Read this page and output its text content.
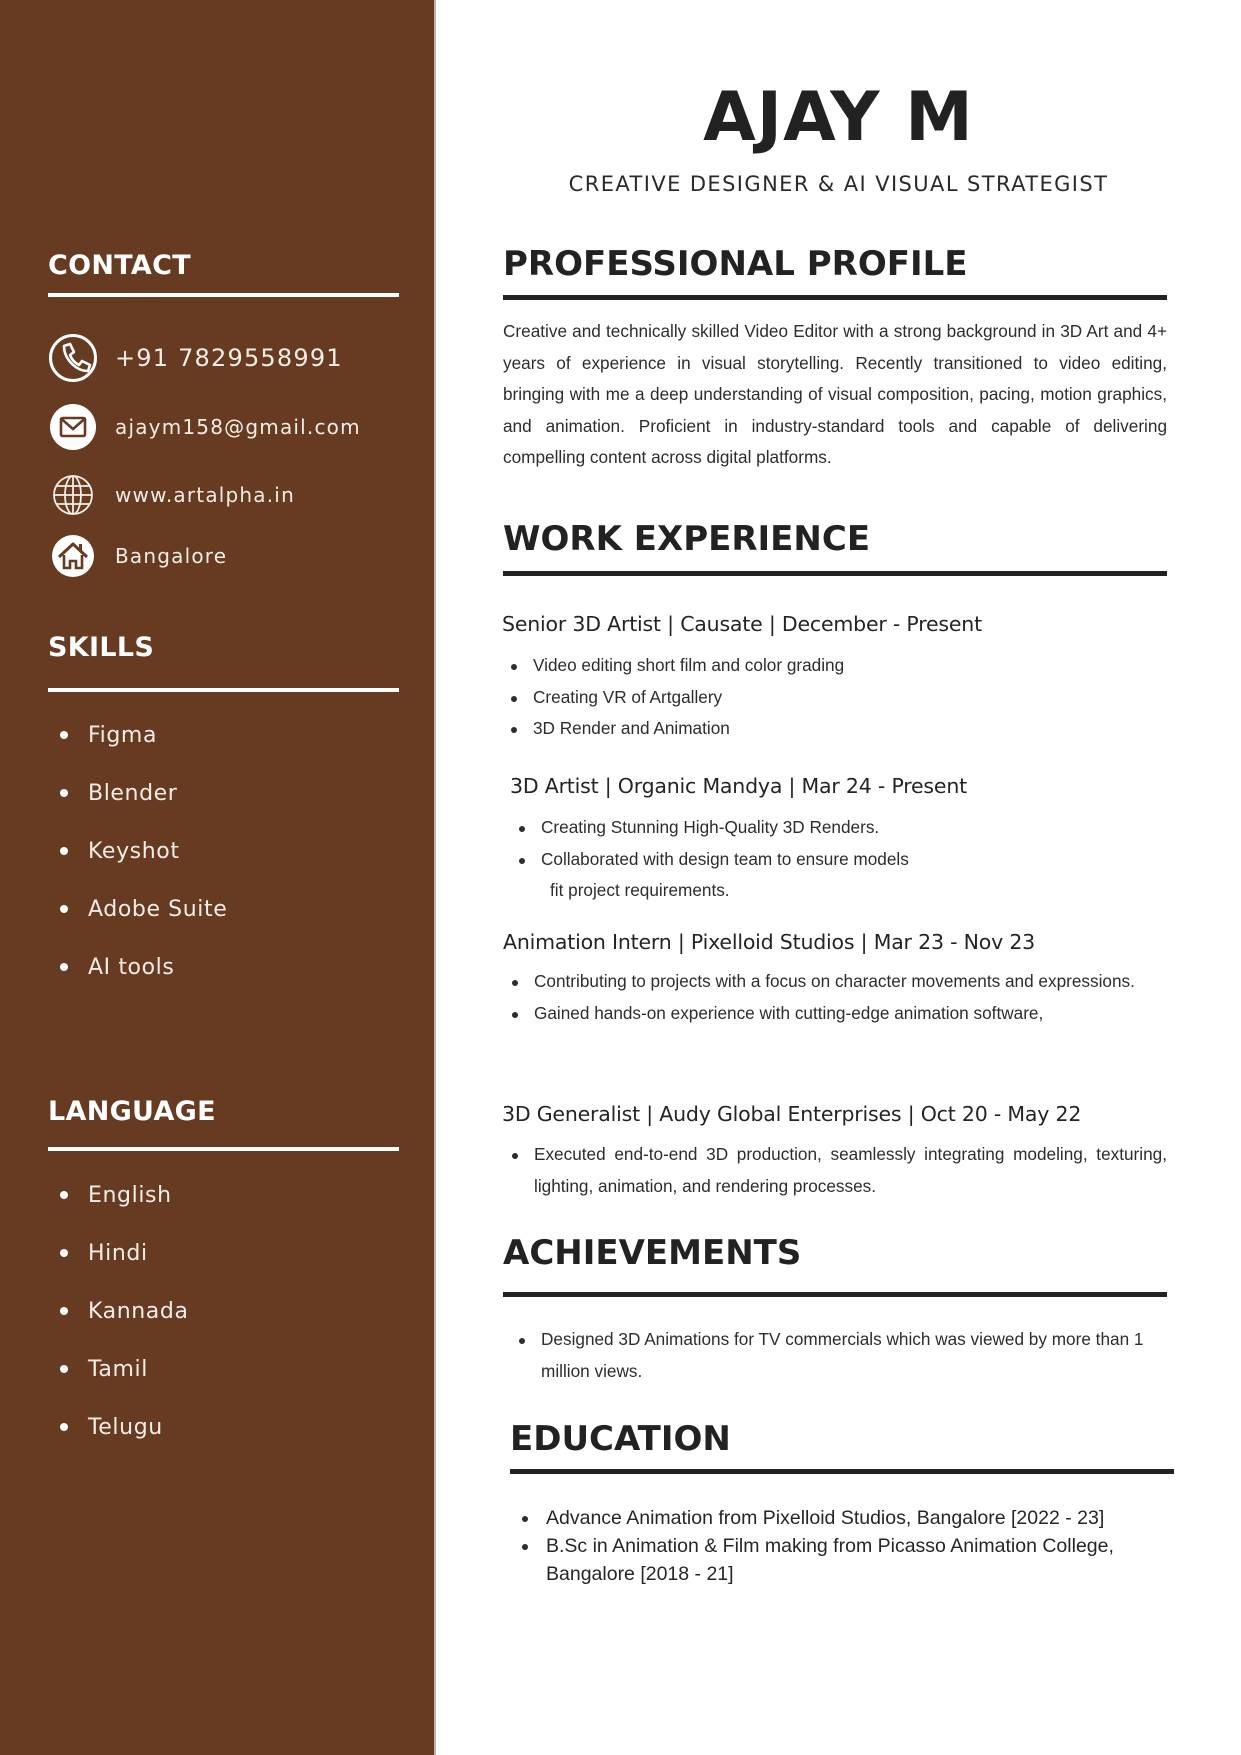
CONTACT
+91 7829558991
ajaym158@gmail.com
www.artalpha.in
Bangalore
SKILLS
Figma
Blender
Keyshot
Adobe Suite
AI tools
LANGUAGE
English
Hindi
Kannada
Tamil
Telugu
AJAY M
CREATIVE DESIGNER & AI VISUAL STRATEGIST
PROFESSIONAL PROFILE

Creative and technically skilled Video Editor with a strong background in 3D Art and 4+ years of experience in visual storytelling. Recently transitioned to video editing, bringing with me a deep understanding of visual composition, pacing, motion graphics, and animation. Proficient in industry-standard tools and capable of delivering compelling content across digital platforms.

WORK EXPERIENCE
Senior 3D Artist | Causate | December - Present
Video editing short film and color grading
Creating VR of Artgallery
3D Render and Animation
3D Artist | Organic Mandya | Mar 24 - Present
Creating Stunning High-Quality 3D Renders.
Collaborated with design team to ensure models
fit project requirements.
Animation Intern | Pixelloid Studios | Mar 23 - Nov 23
Contributing to projects with a focus on character movements and expressions.
Gained hands-on experience with cutting-edge animation software,
3D Generalist | Audy Global Enterprises | Oct 20 - May 22
Executed end-to-end 3D production, seamlessly integrating modeling, texturing, lighting, animation, and rendering processes.
ACHIEVEMENTS
Designed 3D Animations for TV commercials which was viewed by more than 1 million views.
EDUCATION
Advance Animation from Pixelloid Studios, Bangalore [2022 - 23]
B.Sc in Animation & Film making from Picasso Animation College, Bangalore [2018 - 21]
